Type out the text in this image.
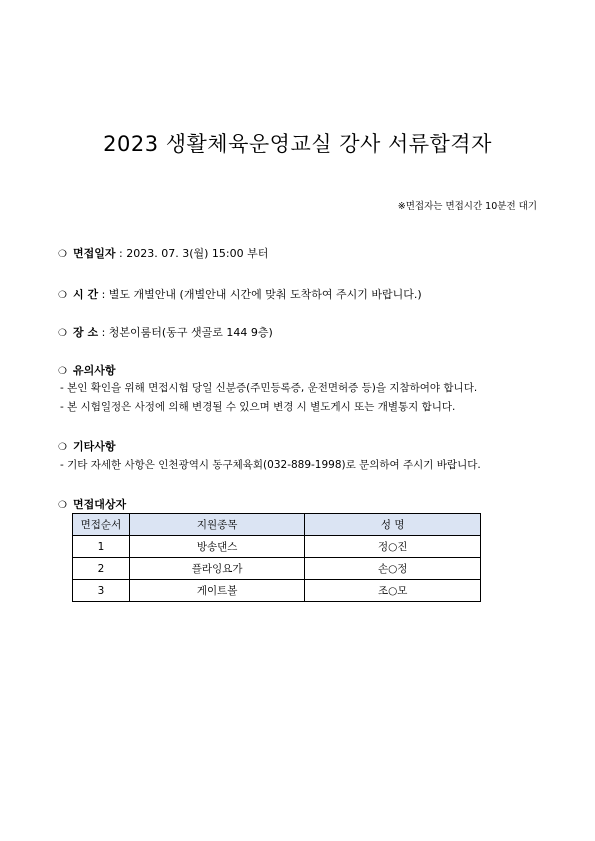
2023 생활체육운영교실 강사 서류합격자
※면접자는 면접시간 10분전 대기
❍ 면접일자 : 2023. 07. 3(월) 15:00 부터
❍ 시 간 : 별도 개별안내 (개별안내 시간에 맞춰 도착하여 주시기 바랍니다.)
❍ 장 소 : 청본이룸터(동구 샛골로 144 9층)
❍ 유의사항
- 본인 확인을 위해 면접시험 당일 신분증(주민등록증, 운전면허증 등)을 지참하여야 합니다.
- 본 시험일정은 사정에 의해 변경될 수 있으며 변경 시 별도게시 또는 개별통지 합니다.
❍ 기타사항
- 기타 자세한 사항은 인천광역시 동구체육회(032-889-1998)로 문의하여 주시기 바랍니다.
❍ 면접대상자
면접순서	지원종목	성 명
1	방송댄스	정○진
2	플라잉요가	손○정
3	게이트볼	조○모
